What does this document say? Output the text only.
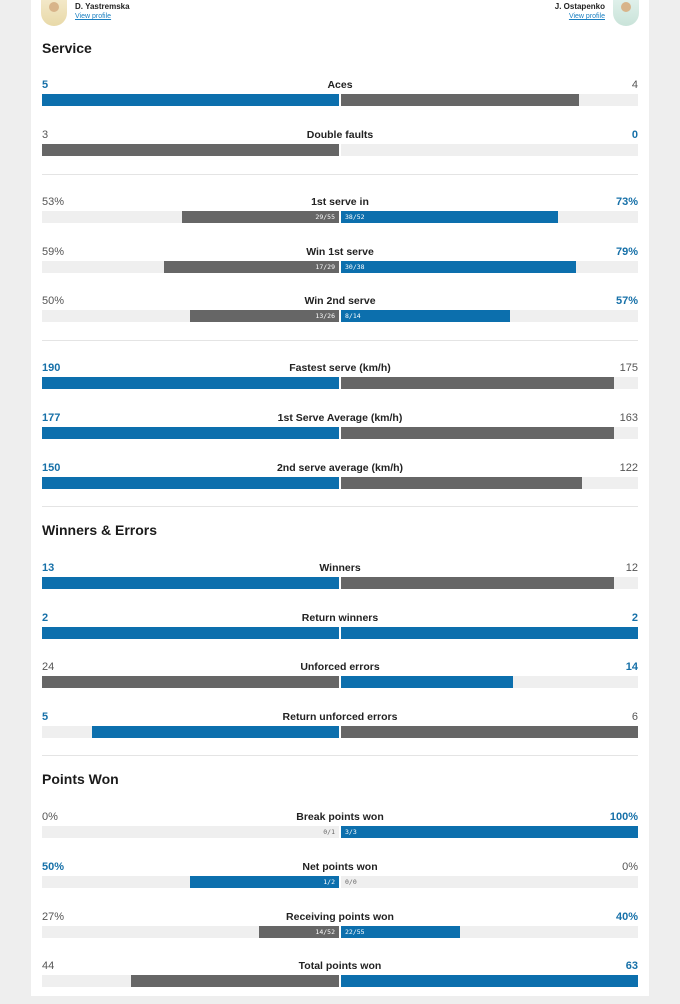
D. Yastremska
View profile
J. Ostapenko
View profile
Service
5	Aces	4
3	Double faults	0
53%	1st serve in	73%
29/55 38/52
59%	Win 1st serve	79%
17/29 30/38
50%	Win 2nd serve	57%
13/26 8/14
190	Fastest serve (km/h)	175
177	1st Serve Average (km/h)	163
150	2nd serve average (km/h)	122
Winners & Errors
13	Winners	12
2	Return winners	2
24	Unforced errors	14
5	Return unforced errors	6
Points Won
0%	Break points won	100%
0/1 3/3
50%	Net points won	0%
1/2 0/0
27%	Receiving points won	40%
14/52 22/55
44	Total points won	63
